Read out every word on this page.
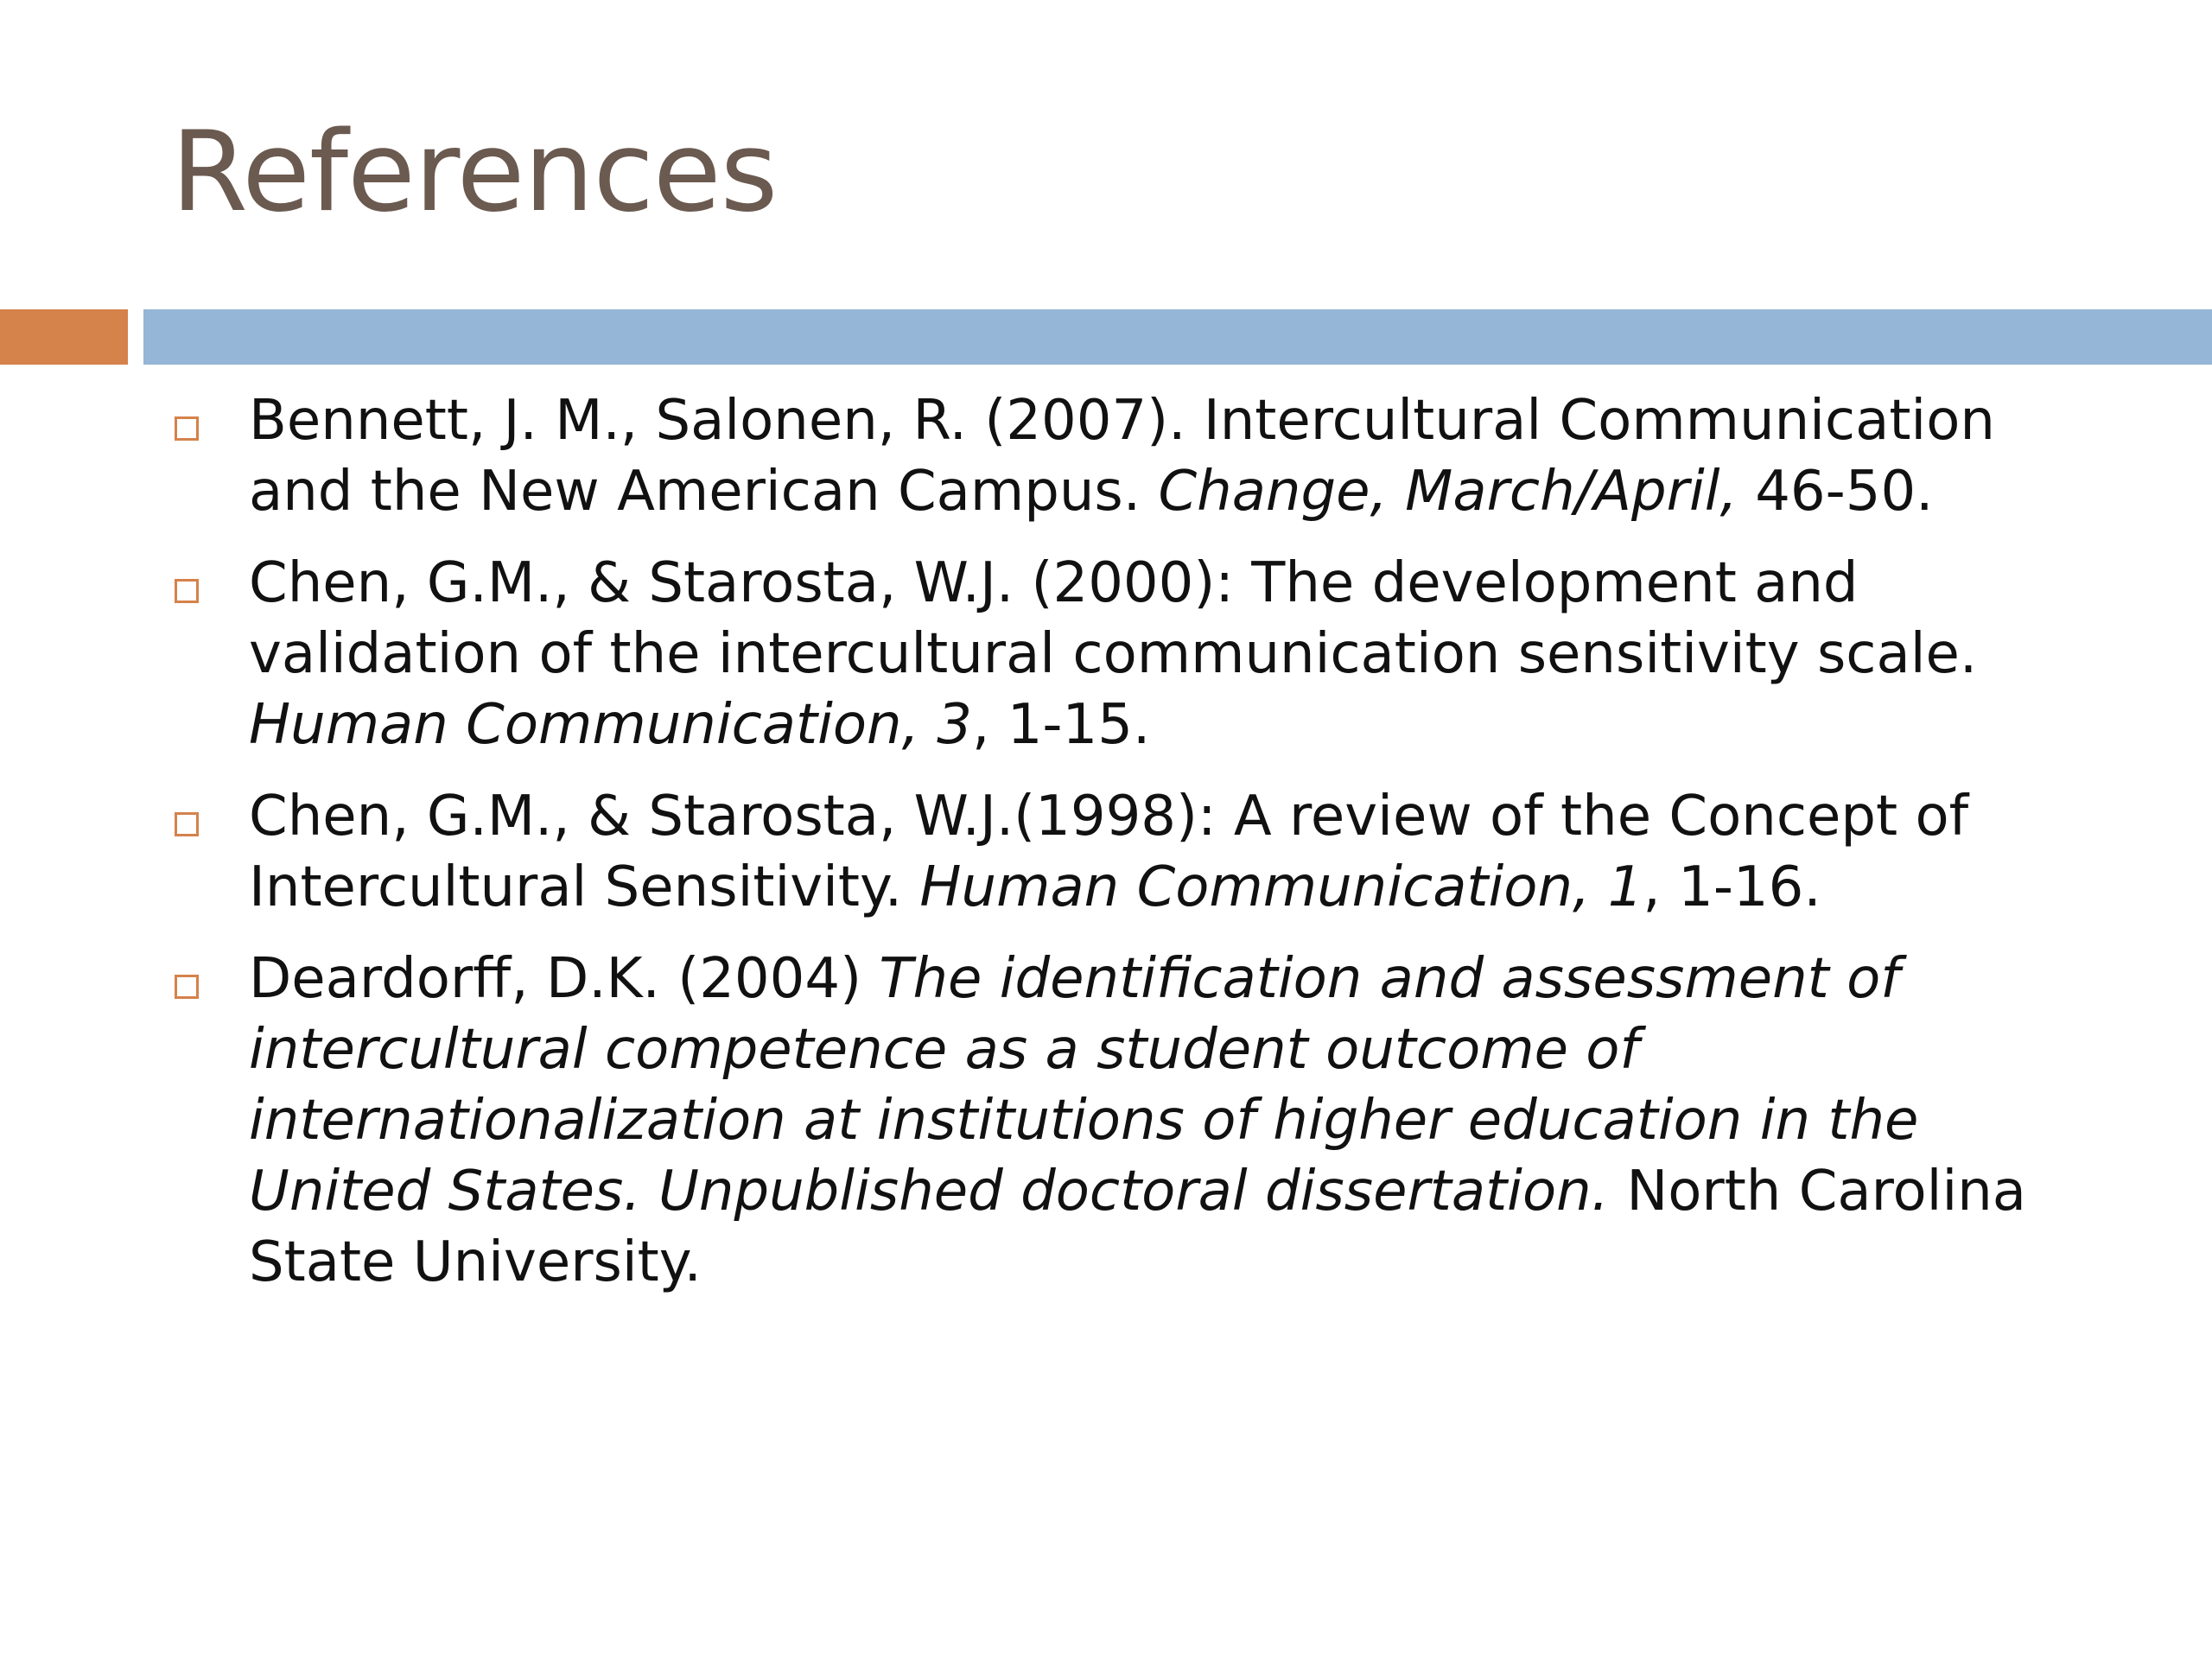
References
Bennett, J. M., Salonen, R. (2007). Intercultural Communication and the New American Campus. Change, March/April, 46-50.
Chen, G.M., & Starosta, W.J. (2000): The development and validation of the intercultural communication sensitivity scale. Human Communication, 3, 1-15.
Chen, G.M., & Starosta, W.J.(1998): A review of the Concept of Intercultural Sensitivity. Human Communication, 1, 1-16.
Deardorff, D.K. (2004) The identification and assessment of intercultural competence as a student outcome of internationalization at institutions of higher education in the United States. Unpublished doctoral dissertation. North Carolina State University.
